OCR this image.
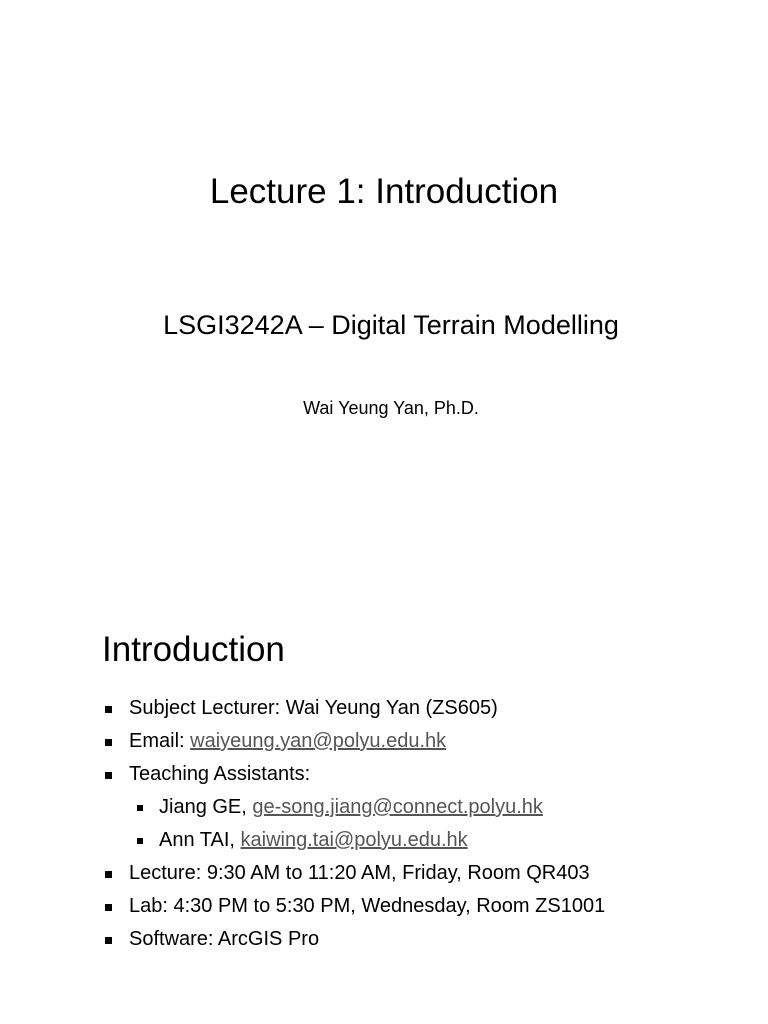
Lecture 1: Introduction
LSGI3242A – Digital Terrain Modelling

Wai Yeung Yan, Ph.D.

Introduction
Subject Lecturer: Wai Yeung Yan (ZS605)
Email: waiyeung.yan@polyu.edu.hk
Teaching Assistants:
Jiang GE, ge-song.jiang@connect.polyu.hk
Ann TAI, kaiwing.tai@polyu.edu.hk
Lecture: 9:30 AM to 11:20 AM, Friday, Room QR403
Lab: 4:30 PM to 5:30 PM, Wednesday, Room ZS1001
Software: ArcGIS Pro
